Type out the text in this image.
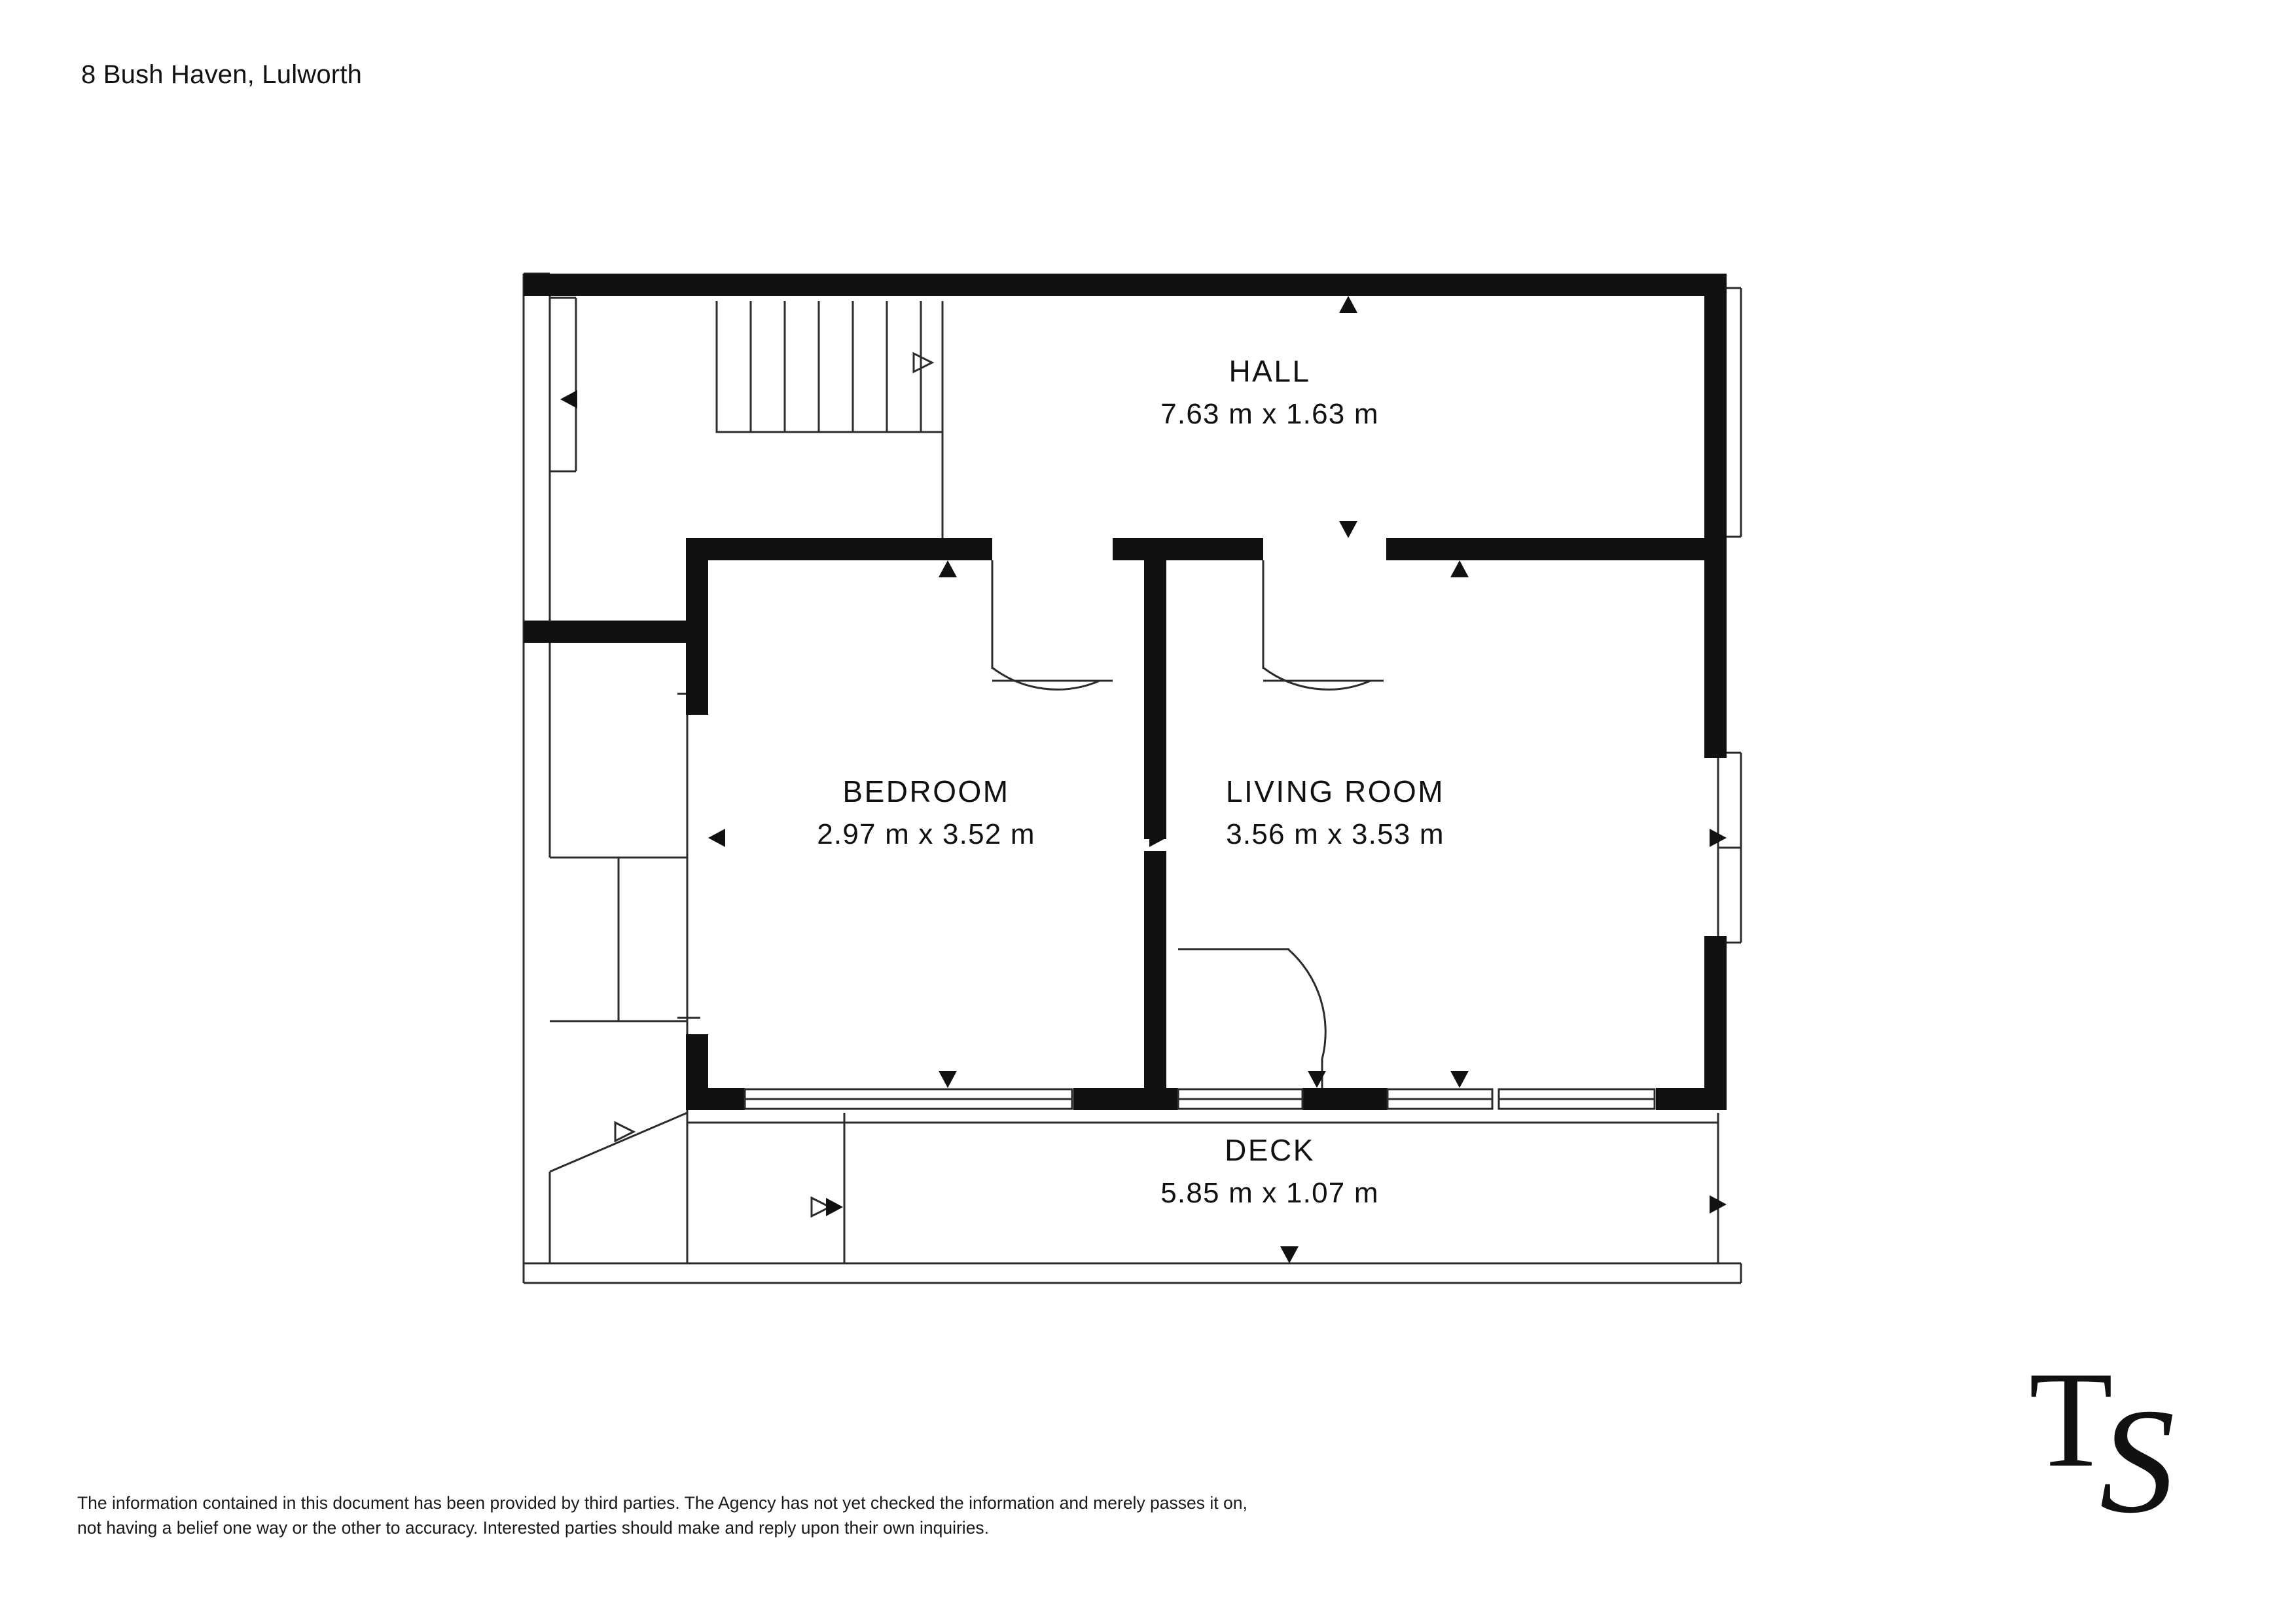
8 Bush Haven, Lulworth
HALL
7.63 m x 1.63 m
BEDROOM
2.97 m x 3.52 m
LIVING ROOM
3.56 m x 3.53 m
DECK
5.85 m x 1.07 m
The information contained in this document has been provided by third parties. The Agency has not yet checked the information and merely passes it on, not having a belief one way or the other to accuracy. Interested parties should make and reply upon their own inquiries.
T
S
